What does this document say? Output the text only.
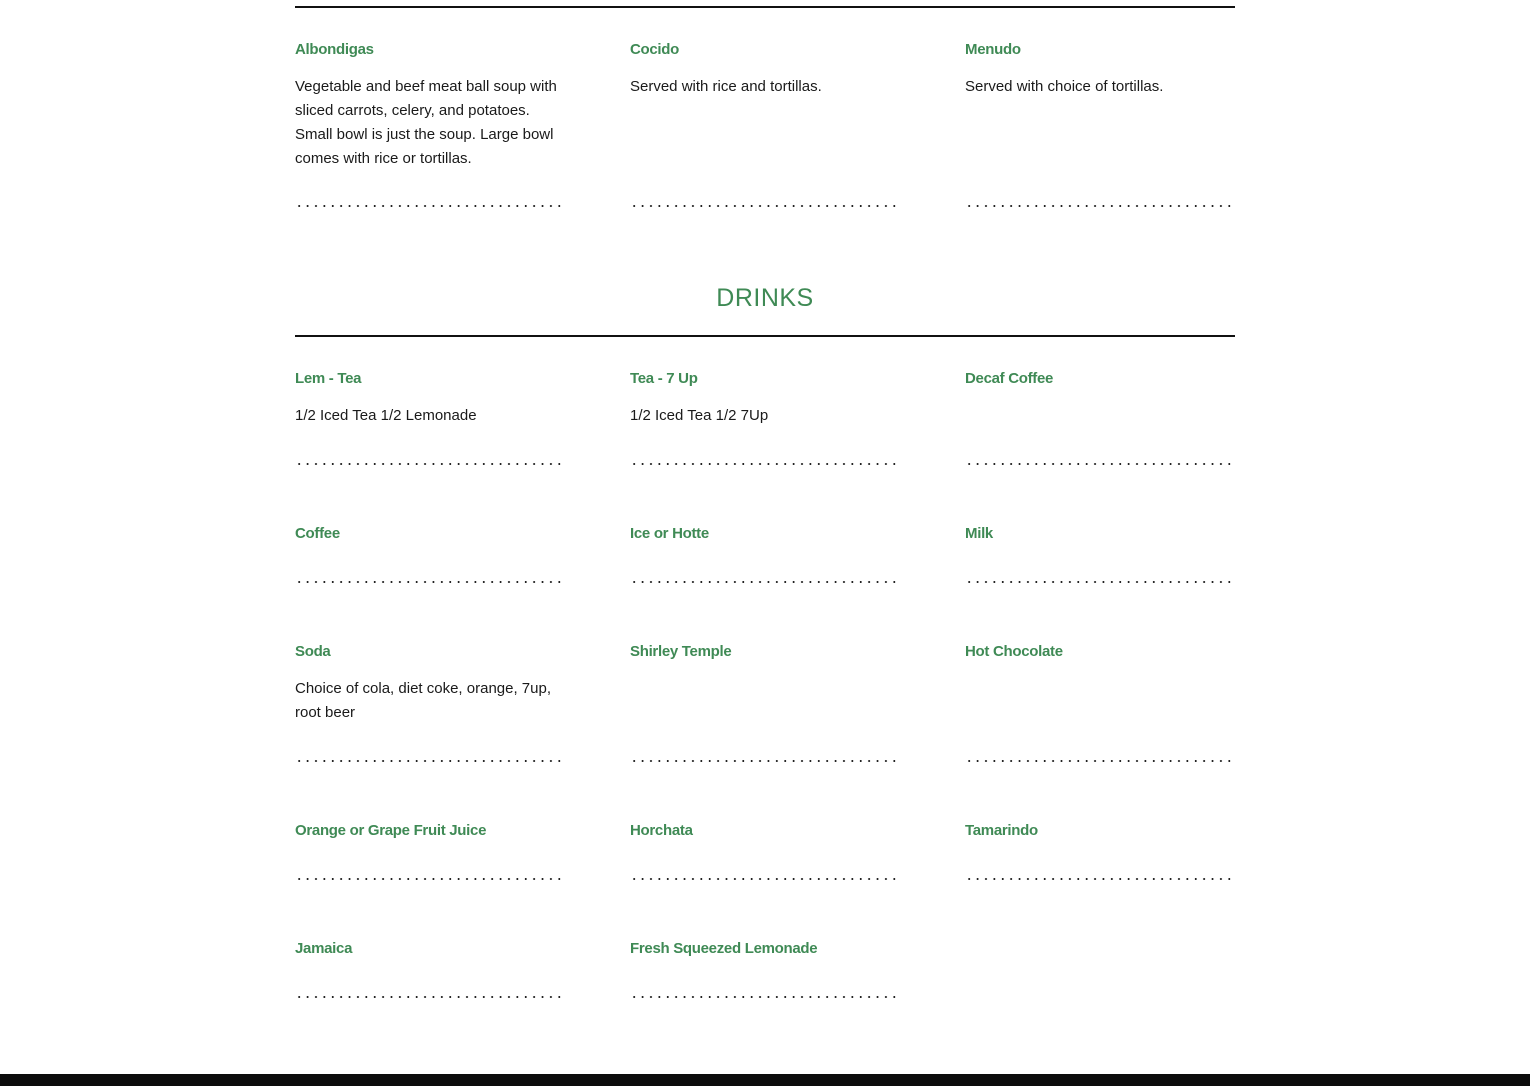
Albondigas

Vegetable and beef meat ball soup with sliced carrots, celery, and potatoes. Small bowl is just the soup. Large bowl comes with rice or tortillas.

Cocido

Served with rice and tortillas.

Menudo

Served with choice of tortillas.

DRINKS
Lem - Tea

1/2 Iced Tea 1/2 Lemonade

Tea - 7 Up

1/2 Iced Tea 1/2 7Up

Decaf Coffee
Coffee	Ice or Hotte	Milk
Soda

Choice of cola, diet coke, orange, 7up, root beer

Shirley Temple	Hot Chocolate
Orange or Grape Fruit Juice	Horchata	Tamarindo
Jamaica	Fresh Squeezed Lemonade
